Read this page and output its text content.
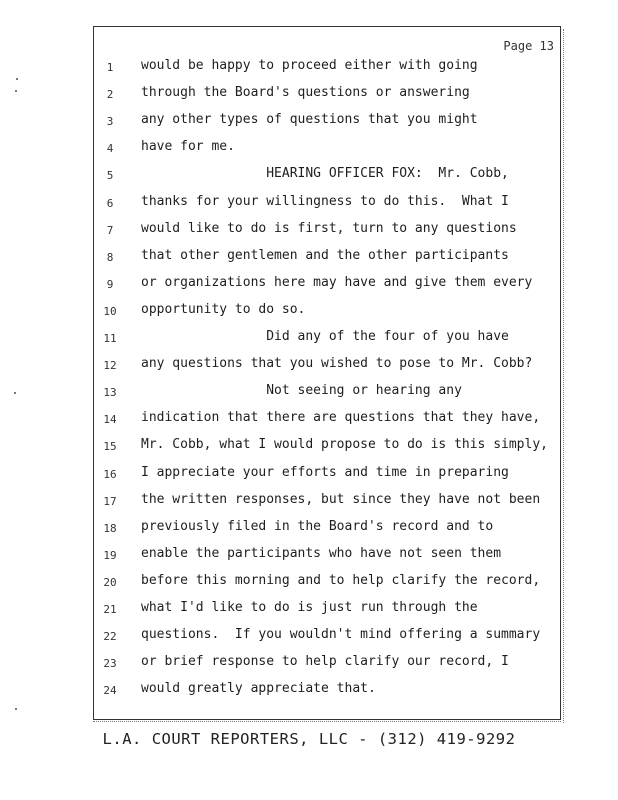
Page 13
1	would be happy to proceed either with going
2	through the Board's questions or answering
3	any other types of questions that you might
4	have for me.
5	HEARING OFFICER FOX:  Mr. Cobb,
6	thanks for your willingness to do this.  What I
7	would like to do is first, turn to any questions
8	that other gentlemen and the other participants
9	or organizations here may have and give them every
10	opportunity to do so.
11	Did any of the four of you have
12	any questions that you wished to pose to Mr. Cobb?
13	Not seeing or hearing any
14	indication that there are questions that they have,
15	Mr. Cobb, what I would propose to do is this simply,
16	I appreciate your efforts and time in preparing
17	the written responses, but since they have not been
18	previously filed in the Board's record and to
19	enable the participants who have not seen them
20	before this morning and to help clarify the record,
21	what I'd like to do is just run through the
22	questions.  If you wouldn't mind offering a summary
23	or brief response to help clarify our record, I
24	would greatly appreciate that.
L.A. COURT REPORTERS, LLC - (312) 419-9292
